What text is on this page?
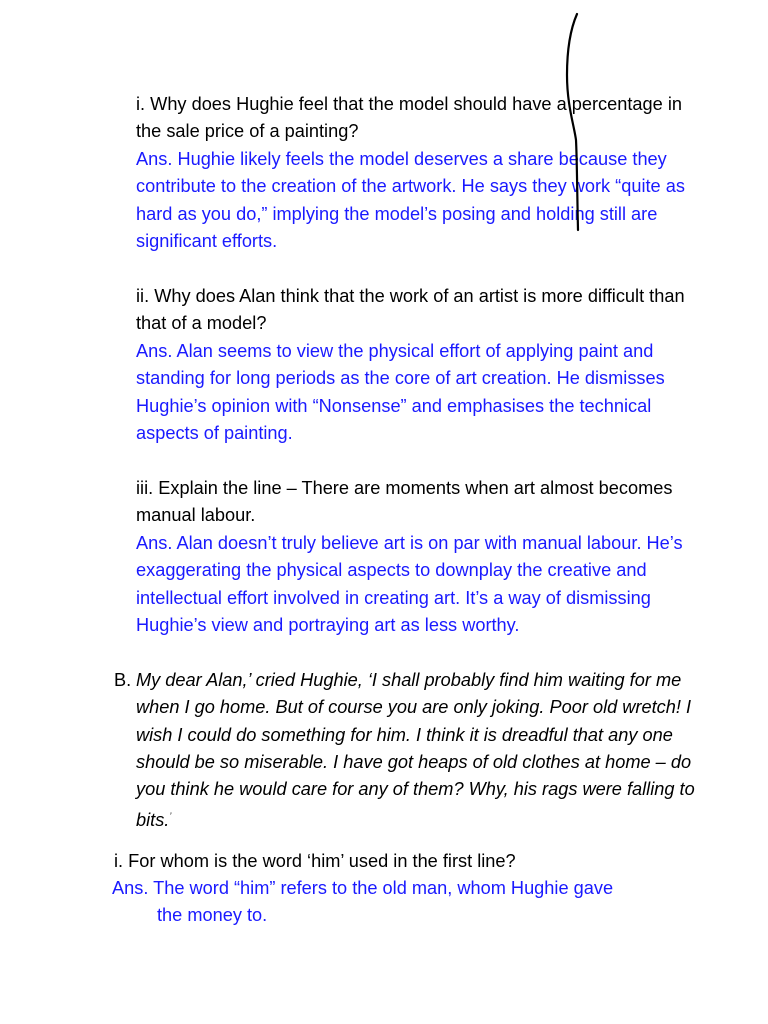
i. Why does Hughie feel that the model should have a percentage in the sale price of a painting?

Ans. Hughie likely feels the model deserves a share because they contribute to the creation of the artwork. He says they work “quite as hard as you do,” implying the model’s posing and holding still are significant efforts.

ii. Why does Alan think that the work of an artist is more difficult than that of a model?

Ans. Alan seems to view the physical effort of applying paint and standing for long periods as the core of art creation. He dismisses Hughie’s opinion with “Nonsense” and emphasises the technical aspects of painting.

iii. Explain the line – There are moments when art almost becomes manual labour.

Ans. Alan doesn’t truly believe art is on par with manual labour. He’s exaggerating the physical aspects to downplay the creative and intellectual effort involved in creating art. It’s a way of dismissing Hughie’s view and portraying art as less worthy.

B. My dear Alan,’ cried Hughie, ‘I shall probably find him waiting for me when I go home. But of course you are only joking. Poor old wretch! I wish I could do something for him. I think it is dreadful that any one should be so miserable. I have got heaps of old clothes at home – do you think he would care for any of them? Why, his rags were falling to bits.’

i. For whom is the word ‘him’ used in the first line?

Ans. The word “him” refers to the old man, whom Hughie gave
the money to.
